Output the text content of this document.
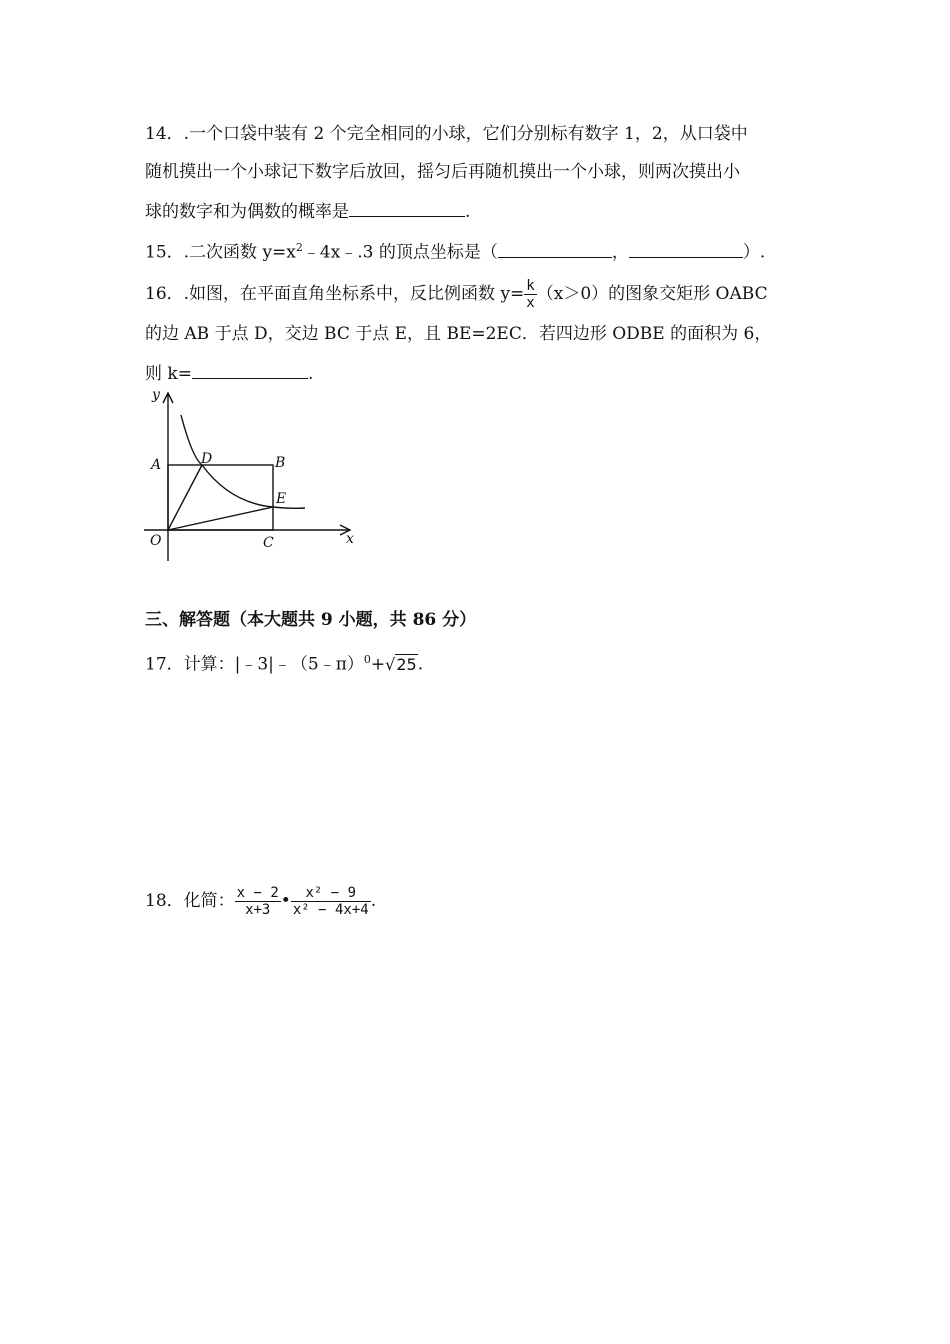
14．.一个口袋中装有 2 个完全相同的小球，它们分别标有数字 1，2，从口袋中
随机摸出一个小球记下数字后放回，摇匀后再随机摸出一个小球，则两次摸出小
球的数字和为偶数的概率是	.
15．.二次函数 $y=x^2﹣4x﹣.3$ 的顶点坐标是（	，	）.
16．.如图，在平面直角坐标系中，反比例函数 $y= \frac{k}{x} (x>0)$的图象交矩形 OABC
的边 AB 于点 D，交边 BC 于点 E，且 BE=2EC．若四边形 ODBE 的面积为 6，
则 k=	.
y
x
O
A	B
C
D
E
三、解答题（本大题共 9 小题，共 86 分）
17．计算：|﹣3|﹣（5﹣π）$^0$+√25.
18．化简： $\frac{x - 2}{x+3}$ • $\frac{\text{x² − 9}}{\text{x² − 4x+4}}$ .
